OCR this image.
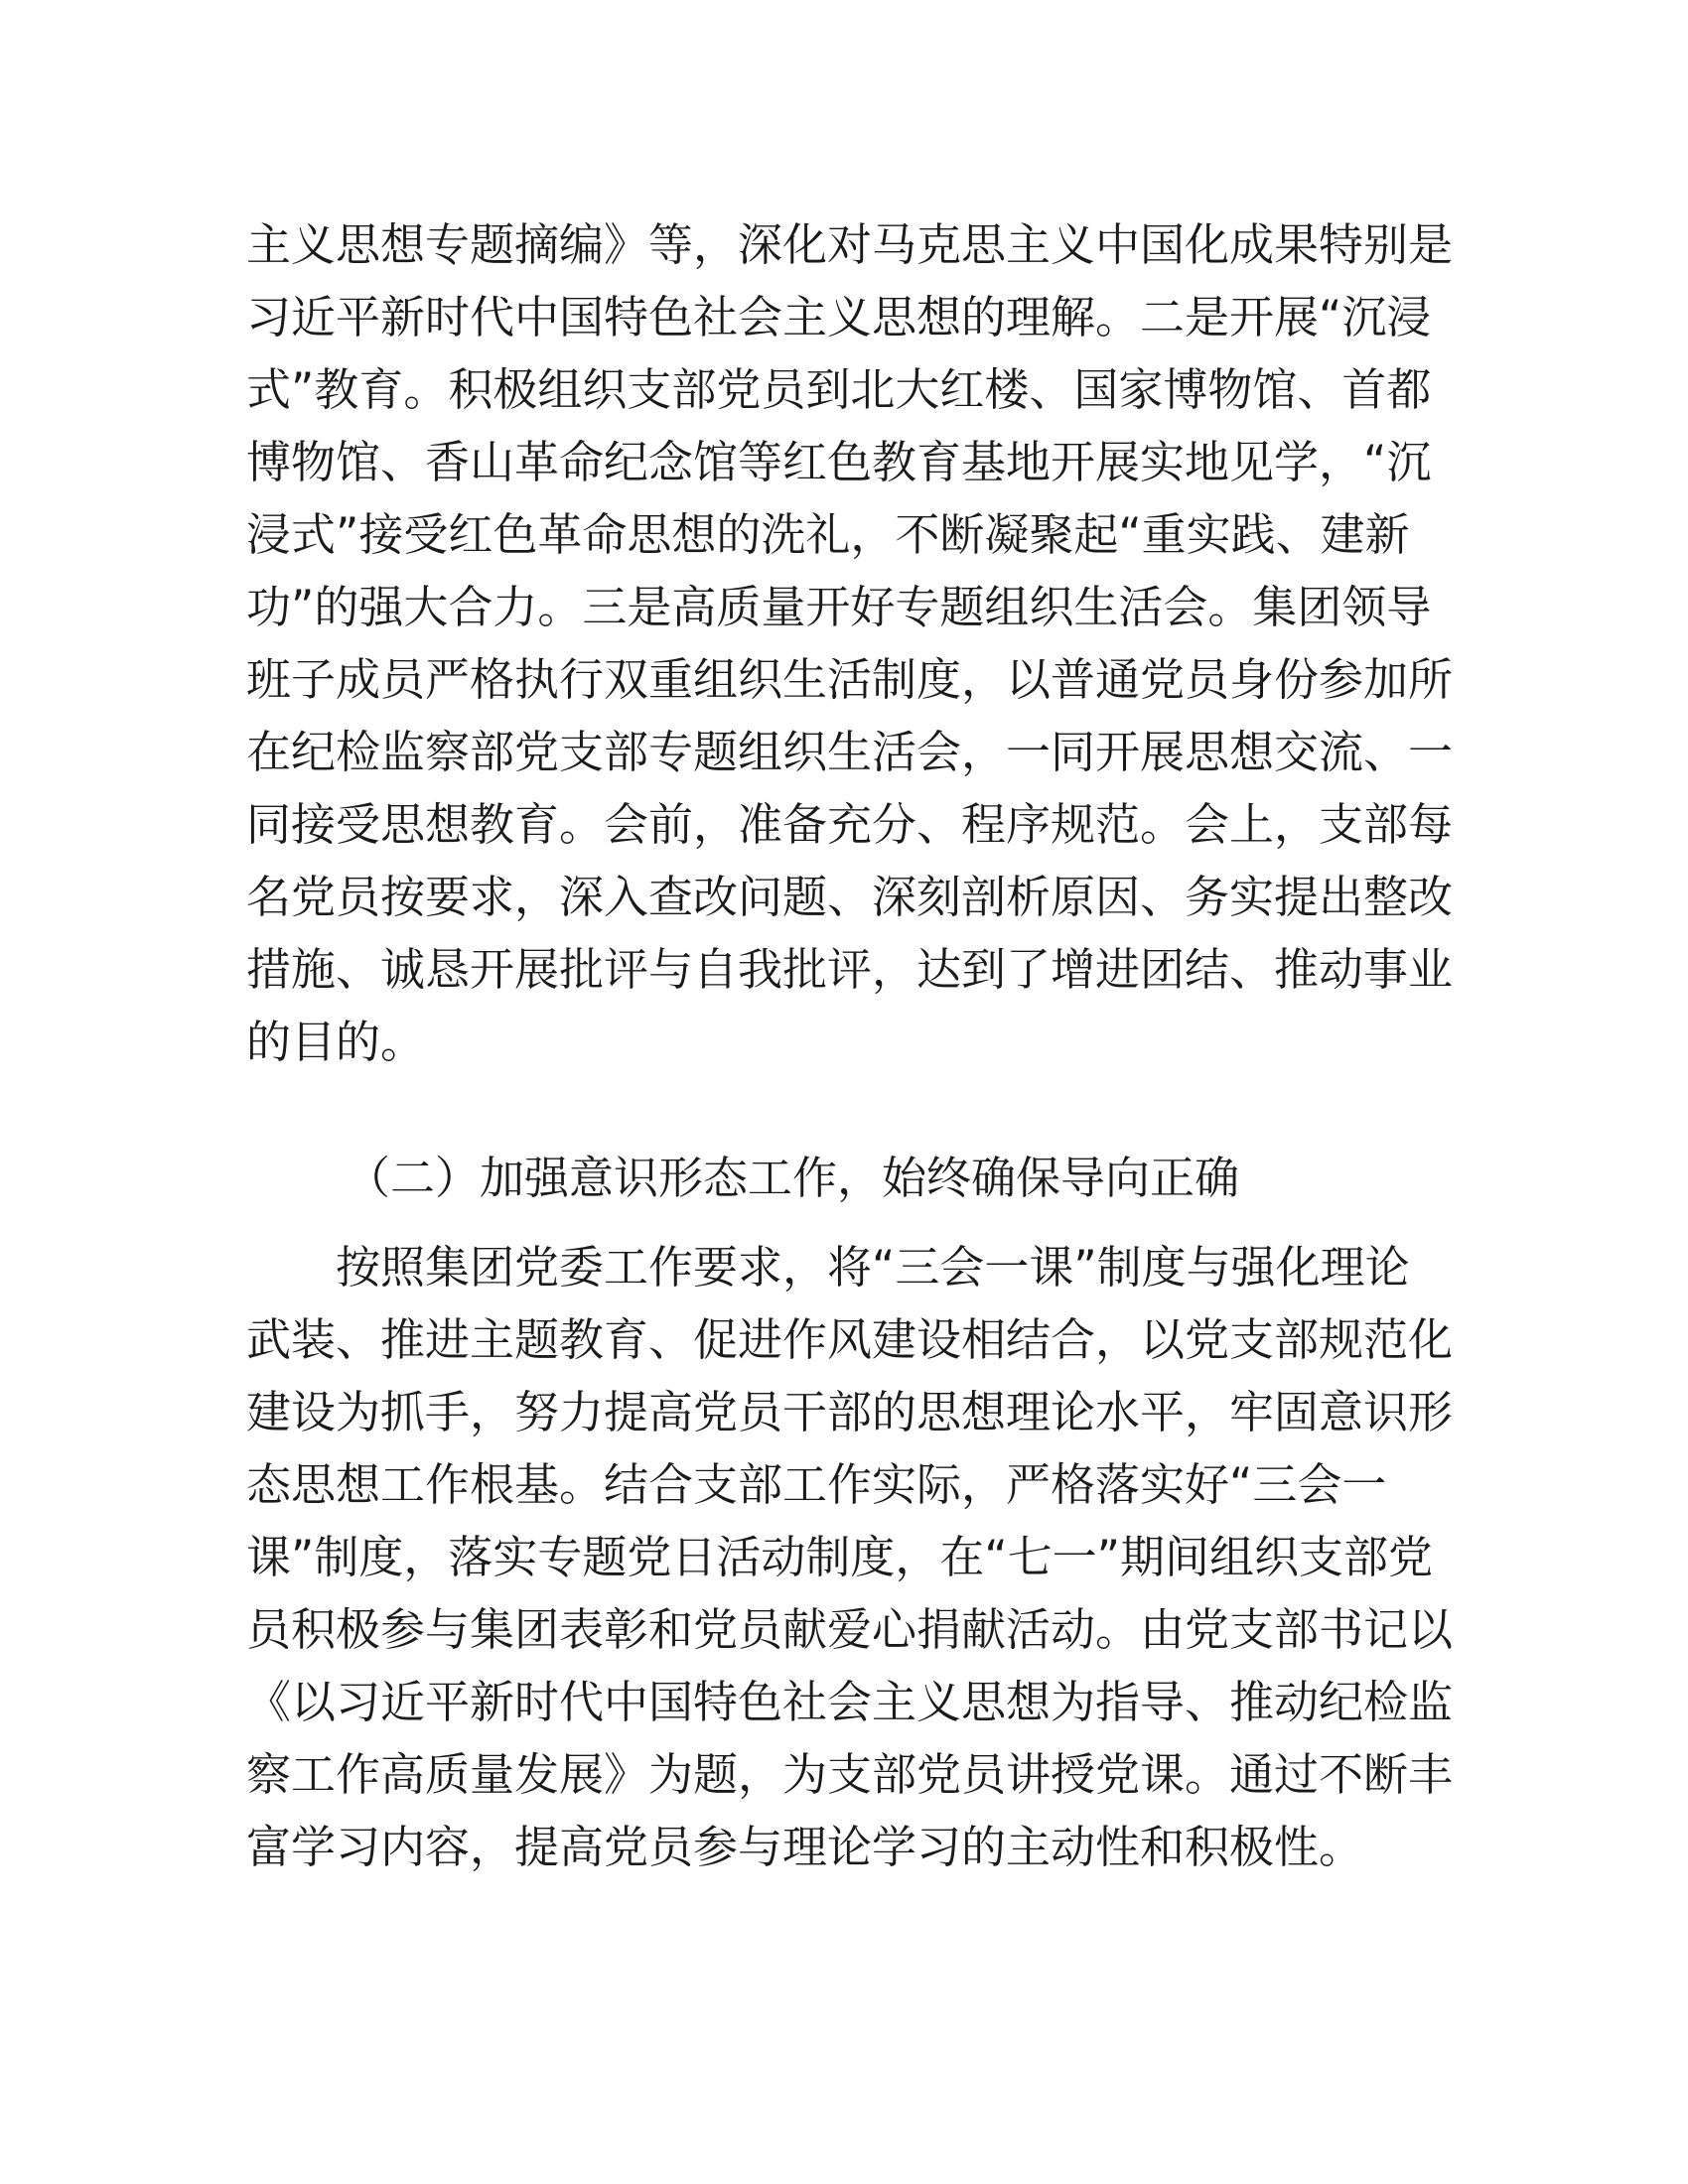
主义思想专题摘编》等，深化对马克思主义中国化成果特别是
习近平新时代中国特色社会主义思想的理解。二是开展“沉浸
式”教育。积极组织支部党员到北大红楼、国家博物馆、首都
博物馆、香山革命纪念馆等红色教育基地开展实地见学，“沉
浸式”接受红色革命思想的洗礼，不断凝聚起“重实践、建新
功”的强大合力。三是高质量开好专题组织生活会。集团领导
班子成员严格执行双重组织生活制度，以普通党员身份参加所
在纪检监察部党支部专题组织生活会，一同开展思想交流、一
同接受思想教育。会前，准备充分、程序规范。会上，支部每
名党员按要求，深入查改问题、深刻剖析原因、务实提出整改
措施、诚恳开展批评与自我批评，达到了增进团结、推动事业
的目的。

（二）加强意识形态工作，始终确保导向正确

按照集团党委工作要求，将“三会一课”制度与强化理论
武装、推进主题教育、促进作风建设相结合，以党支部规范化
建设为抓手，努力提高党员干部的思想理论水平，牢固意识形
态思想工作根基。结合支部工作实际，严格落实好“三会一
课”制度，落实专题党日活动制度，在“七一”期间组织支部党
员积极参与集团表彰和党员献爱心捐献活动。由党支部书记以
《以习近平新时代中国特色社会主义思想为指导、推动纪检监
察工作高质量发展》为题，为支部党员讲授党课。通过不断丰
富学习内容，提高党员参与理论学习的主动性和积极性。
